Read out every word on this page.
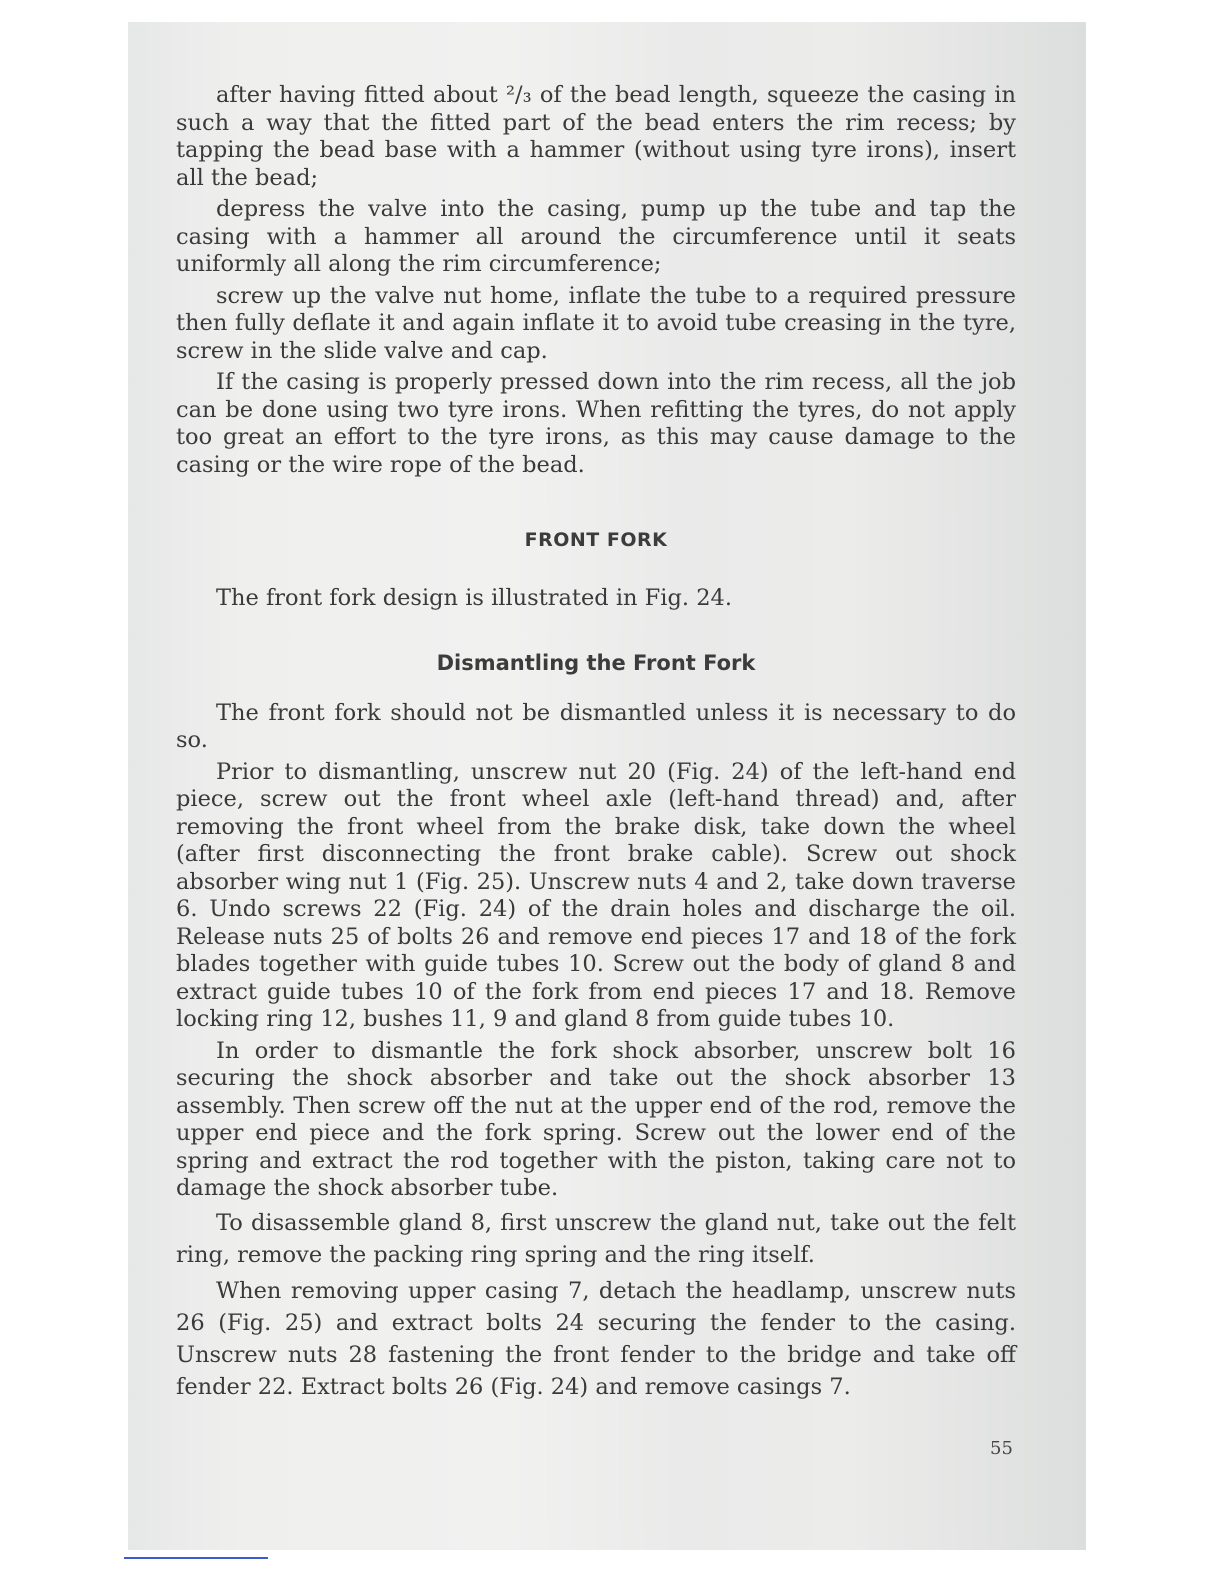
after having fitted about ²/₃ of the bead length, squeeze the casing in such a way that the fitted part of the bead enters the rim recess; by tapping the bead base with a hammer (without using tyre irons), insert all the bead;

depress the valve into the casing, pump up the tube and tap the casing with a hammer all around the circumference until it seats uniformly all along the rim circumference;

screw up the valve nut home, inflate the tube to a required pressure then fully deflate it and again inflate it to avoid tube creasing in the tyre, screw in the slide valve and cap.

If the casing is properly pressed down into the rim recess, all the job can be done using two tyre irons. When refitting the tyres, do not apply too great an effort to the tyre irons, as this may cause damage to the casing or the wire rope of the bead.

FRONT FORK

The front fork design is illustrated in Fig. 24.

Dismantling the Front Fork

The front fork should not be dismantled unless it is necessary to do so.

Prior to dismantling, unscrew nut 20 (Fig. 24) of the left-hand end piece, screw out the front wheel axle (left-hand thread) and, after removing the front wheel from the brake disk, take down the wheel (after first disconnecting the front brake cable). Screw out shock absorber wing nut 1 (Fig. 25). Unscrew nuts 4 and 2, take down traverse 6. Undo screws 22 (Fig. 24) of the drain holes and discharge the oil. Release nuts 25 of bolts 26 and remove end pieces 17 and 18 of the fork blades together with guide tubes 10. Screw out the body of gland 8 and extract guide tubes 10 of the fork from end pieces 17 and 18. Remove locking ring 12, bushes 11, 9 and gland 8 from guide tubes 10.

In order to dismantle the fork shock absorber, unscrew bolt 16 securing the shock absorber and take out the shock absorber 13 assembly. Then screw off the nut at the upper end of the rod, remove the upper end piece and the fork spring. Screw out the lower end of the spring and extract the rod together with the piston, taking care not to damage the shock absorber tube.

To disassemble gland 8, first unscrew the gland nut, take out the felt ring, remove the packing ring spring and the ring itself.

When removing upper casing 7, detach the headlamp, unscrew nuts 26 (Fig. 25) and extract bolts 24 securing the fender to the casing. Unscrew nuts 28 fastening the front fender to the bridge and take off fender 22. Extract bolts 26 (Fig. 24) and remove casings 7.

55
